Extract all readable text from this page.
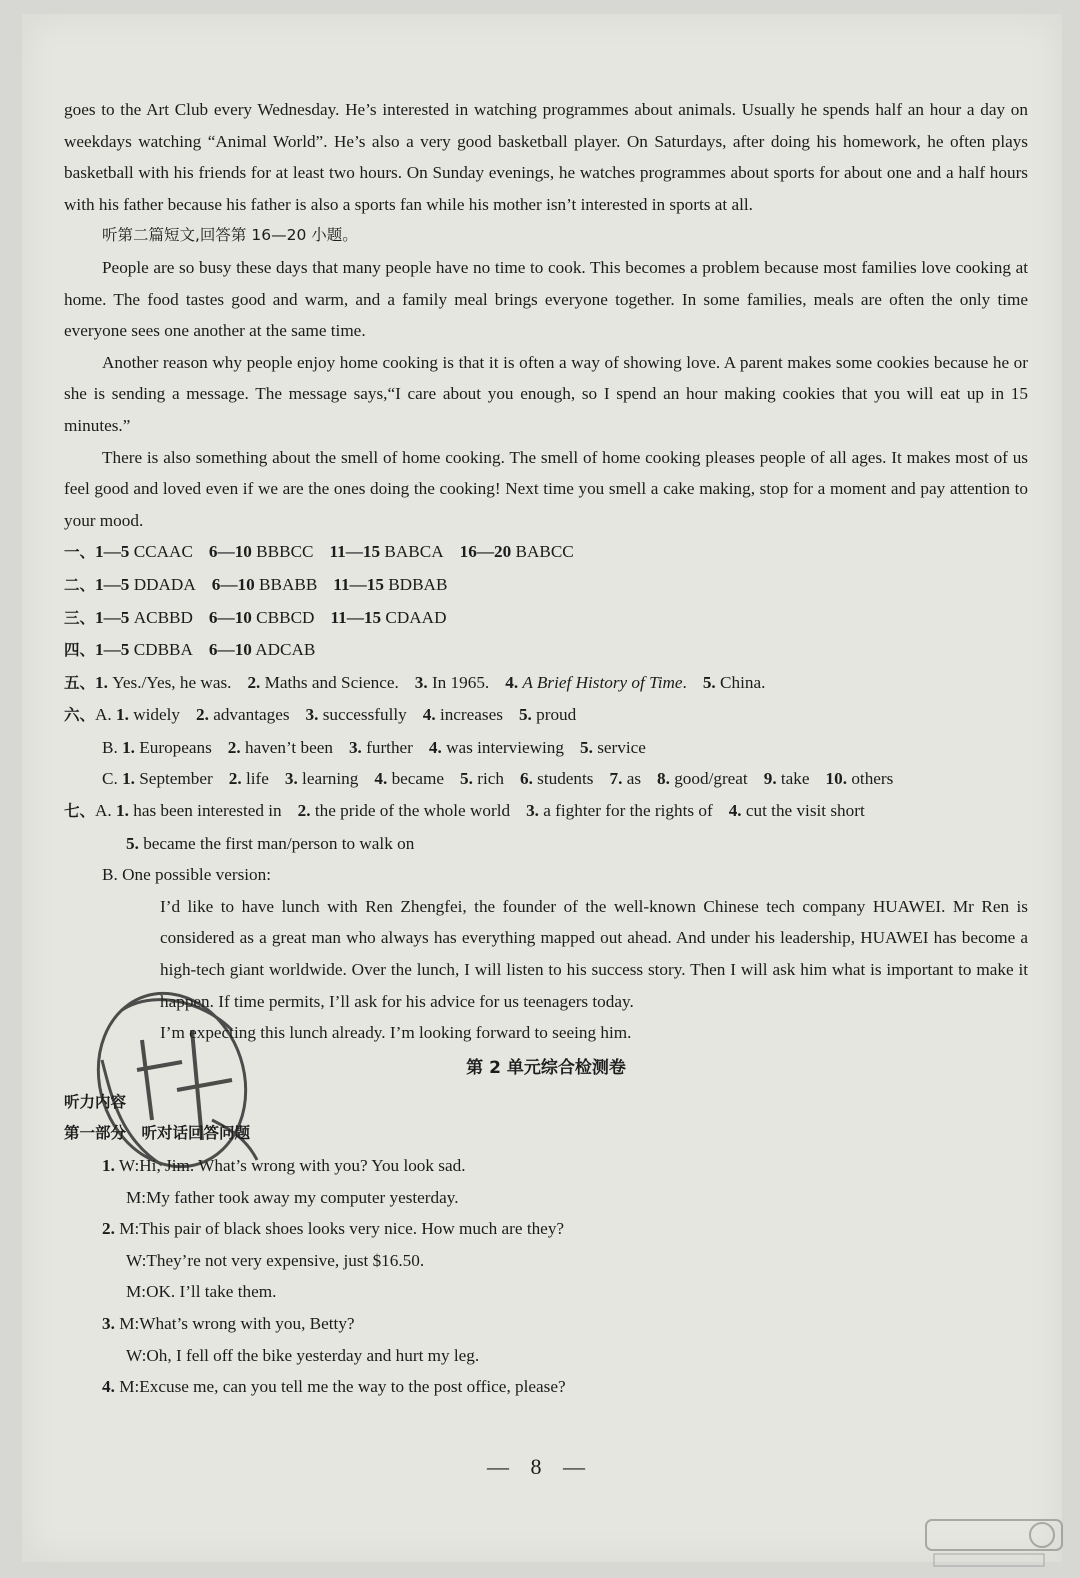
goes to the Art Club every Wednesday. He’s interested in watching programmes about animals. Usually he spends half an hour a day on weekdays watching “Animal World”. He’s also a very good basketball player. On Saturdays, after doing his homework, he often plays basketball with his friends for at least two hours. On Sunday evenings, he watches programmes about sports for about one and a half hours with his father because his father is also a sports fan while his mother isn’t interested in sports at all.

听第二篇短文,回答第 16—20 小题。

People are so busy these days that many people have no time to cook. This becomes a problem because most families love cooking at home. The food tastes good and warm, and a family meal brings everyone together. In some families, meals are often the only time everyone sees one another at the same time.

Another reason why people enjoy home cooking is that it is often a way of showing love. A parent makes some cookies because he or she is sending a message. The message says,“I care about you enough, so I spend an hour making cookies that you will eat up in 15 minutes.”

There is also something about the smell of home cooking. The smell of home cooking pleases people of all ages. It makes most of us feel good and loved even if we are the ones doing the cooking! Next time you smell a cake making, stop for a moment and pay attention to your mood.

一、1—5 CCAAC 6—10 BBBCC 11—15 BABCA 16—20 BABCC

二、1—5 DDADA 6—10 BBABB 11—15 BDBAB

三、1—5 ACBBD 6—10 CBBCD 11—15 CDAAD

四、1—5 CDBBA 6—10 ADCAB

五、1. Yes./Yes, he was. 2. Maths and Science. 3. In 1965. 4. A Brief History of Time. 5. China.

六、A. 1. widely 2. advantages 3. successfully 4. increases 5. proud

B. 1. Europeans 2. haven’t been 3. further 4. was interviewing 5. service

C. 1. September 2. life 3. learning 4. became 5. rich 6. students 7. as 8. good/great 9. take 10. others

七、A. 1. has been interested in 2. the pride of the whole world 3. a fighter for the rights of 4. cut the visit short

5. became the first man/person to walk on

B. One possible version:

I’d like to have lunch with Ren Zhengfei, the founder of the well-known Chinese tech company HUAWEI. Mr Ren is considered as a great man who always has everything mapped out ahead. And under his leadership, HUAWEI has become a high-tech giant worldwide. Over the lunch, I will listen to his success story. Then I will ask him what is important to make it happen. If time permits, I’ll ask for his advice for us teenagers today.

I’m expecting this lunch already. I’m looking forward to seeing him.

第 2 单元综合检测卷

听力内容

第一部分　听对话回答问题

1. W:Hi, Jim. What’s wrong with you? You look sad.

M:My father took away my computer yesterday.

2. M:This pair of black shoes looks very nice. How much are they?

W:They’re not very expensive, just $16.50.

M:OK. I’ll take them.

3. M:What’s wrong with you, Betty?

W:Oh, I fell off the bike yesterday and hurt my leg.

4. M:Excuse me, can you tell me the way to the post office, please?

— 8 —
